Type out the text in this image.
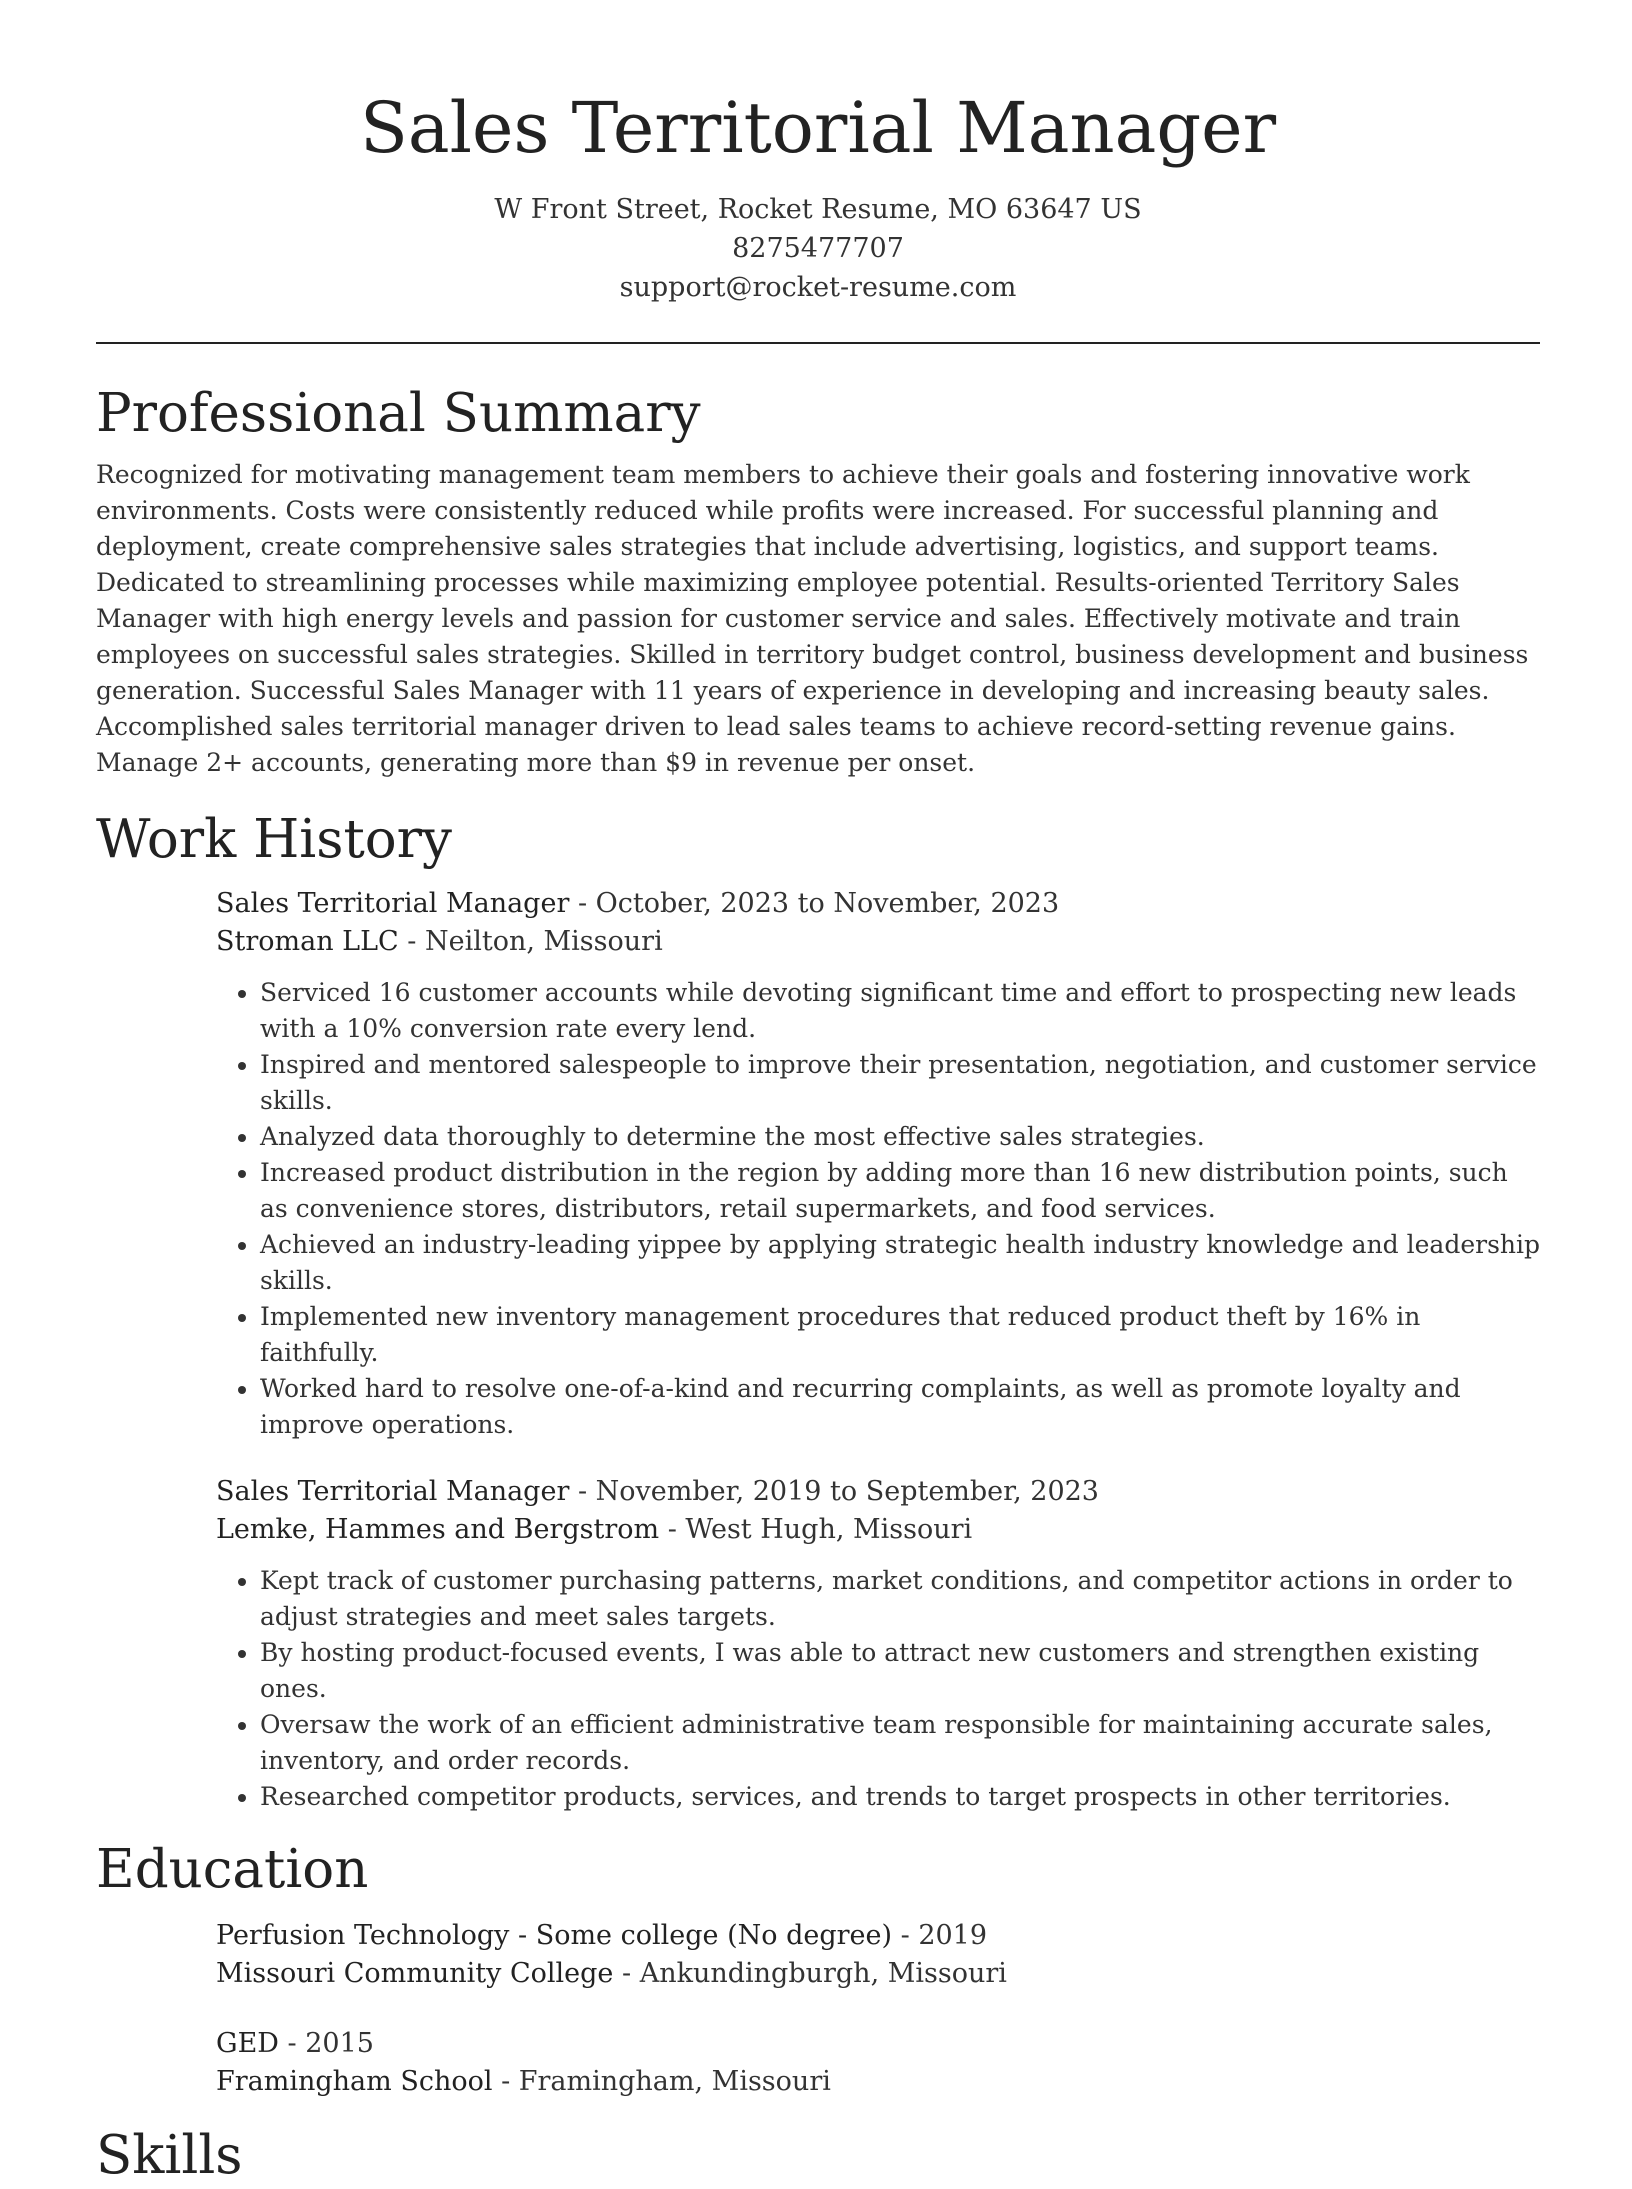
Sales Territorial Manager
W Front Street, Rocket Resume, MO 63647 US
8275477707
support@rocket-resume.com
Professional Summary

Recognized for motivating management team members to achieve their goals and fostering innovative work environments. Costs were consistently reduced while profits were increased. For successful planning and deployment, create comprehensive sales strategies that include advertising, logistics, and support teams. Dedicated to streamlining processes while maximizing employee potential. Results-oriented Territory Sales Manager with high energy levels and passion for customer service and sales. Effectively motivate and train employees on successful sales strategies. Skilled in territory budget control, business development and business generation. Successful Sales Manager with 11 years of experience in developing and increasing beauty sales. Accomplished sales territorial manager driven to lead sales teams to achieve record-setting revenue gains. Manage 2+ accounts, generating more than $9 in revenue per onset.

Work History
Sales Territorial Manager - October, 2023 to November, 2023
Stroman LLC - Neilton, Missouri
• Serviced 16 customer accounts while devoting significant time and effort to prospecting new leads with a 10% conversion rate every lend.
• Inspired and mentored salespeople to improve their presentation, negotiation, and customer service skills.
• Analyzed data thoroughly to determine the most effective sales strategies.
• Increased product distribution in the region by adding more than 16 new distribution points, such as convenience stores, distributors, retail supermarkets, and food services.
• Achieved an industry-leading yippee by applying strategic health industry knowledge and leadership skills.
• Implemented new inventory management procedures that reduced product theft by 16% in faithfully.
• Worked hard to resolve one-of-a-kind and recurring complaints, as well as promote loyalty and improve operations.
Sales Territorial Manager - November, 2019 to September, 2023
Lemke, Hammes and Bergstrom - West Hugh, Missouri
• Kept track of customer purchasing patterns, market conditions, and competitor actions in order to adjust strategies and meet sales targets.
• By hosting product-focused events, I was able to attract new customers and strengthen existing ones.
• Oversaw the work of an efficient administrative team responsible for maintaining accurate sales, inventory, and order records.
• Researched competitor products, services, and trends to target prospects in other territories.
Education
Perfusion Technology - Some college (No degree) - 2019
Missouri Community College - Ankundingburgh, Missouri
GED - 2015
Framingham School - Framingham, Missouri
Skills
